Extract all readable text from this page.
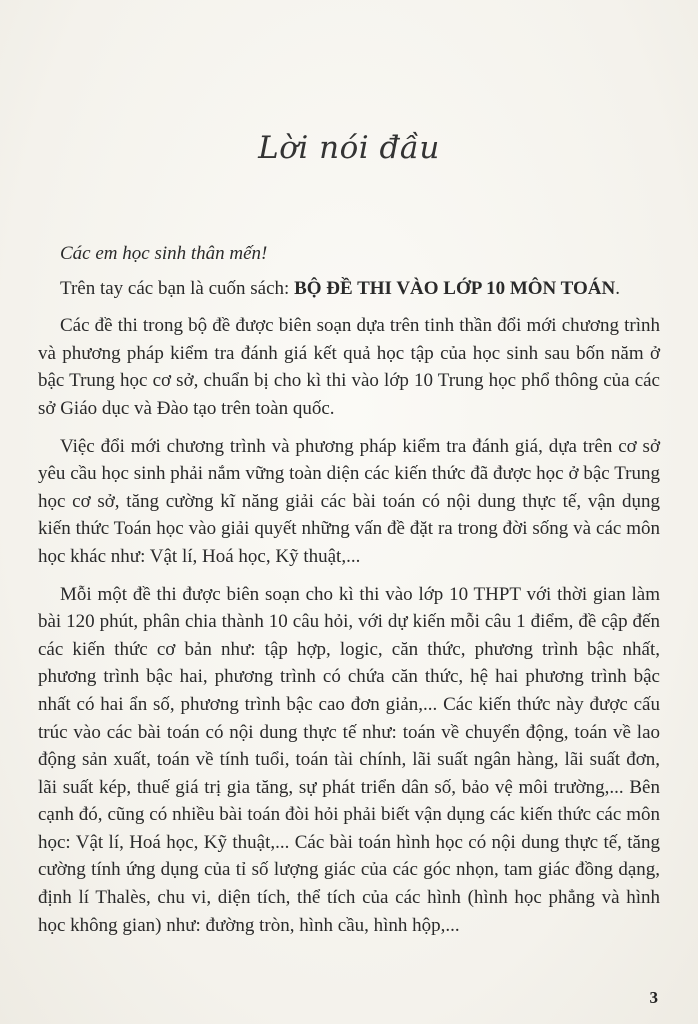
Lời nói đầu

Các em học sinh thân mến!

Trên tay các bạn là cuốn sách: BỘ ĐỀ THI VÀO LỚP 10 MÔN TOÁN.

Các đề thi trong bộ đề được biên soạn dựa trên tinh thần đổi mới chương trình và phương pháp kiểm tra đánh giá kết quả học tập của học sinh sau bốn năm ở bậc Trung học cơ sở, chuẩn bị cho kì thi vào lớp 10 Trung học phổ thông của các sở Giáo dục và Đào tạo trên toàn quốc.

Việc đổi mới chương trình và phương pháp kiểm tra đánh giá, dựa trên cơ sở yêu cầu học sinh phải nắm vững toàn diện các kiến thức đã được học ở bậc Trung học cơ sở, tăng cường kĩ năng giải các bài toán có nội dung thực tế, vận dụng kiến thức Toán học vào giải quyết những vấn đề đặt ra trong đời sống và các môn học khác như: Vật lí, Hoá học, Kỹ thuật,...

Mỗi một đề thi được biên soạn cho kì thi vào lớp 10 THPT với thời gian làm bài 120 phút, phân chia thành 10 câu hỏi, với dự kiến mỗi câu 1 điểm, đề cập đến các kiến thức cơ bản như: tập hợp, logic, căn thức, phương trình bậc nhất, phương trình bậc hai, phương trình có chứa căn thức, hệ hai phương trình bậc nhất có hai ẩn số, phương trình bậc cao đơn giản,... Các kiến thức này được cấu trúc vào các bài toán có nội dung thực tế như: toán về chuyển động, toán về lao động sản xuất, toán về tính tuổi, toán tài chính, lãi suất ngân hàng, lãi suất đơn, lãi suất kép, thuế giá trị gia tăng, sự phát triển dân số, bảo vệ môi trường,... Bên cạnh đó, cũng có nhiều bài toán đòi hỏi phải biết vận dụng các kiến thức các môn học: Vật lí, Hoá học, Kỹ thuật,... Các bài toán hình học có nội dung thực tế, tăng cường tính ứng dụng của tỉ số lượng giác của các góc nhọn, tam giác đồng dạng, định lí Thalès, chu vi, diện tích, thể tích của các hình (hình học phẳng và hình học không gian) như: đường tròn, hình cầu, hình hộp,...

3
